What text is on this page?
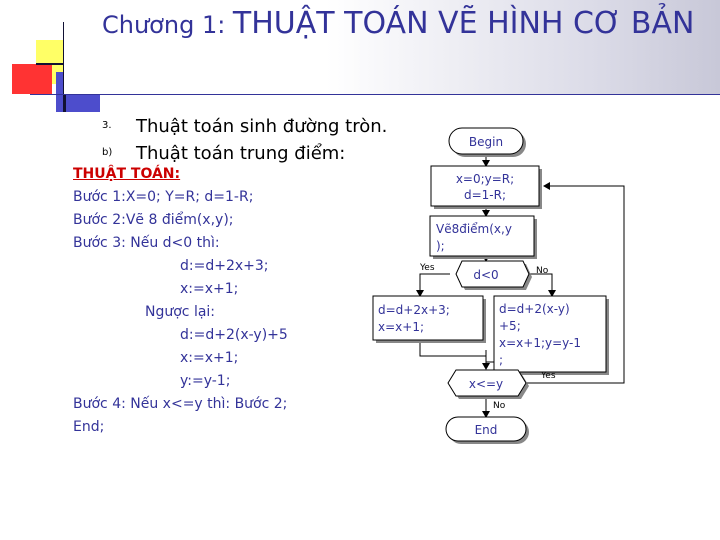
Chương 1: THUẬT TOÁN VẼ HÌNH CƠ BẢN
3. Thuật toán sinh đường tròn.
b) Thuật toán trung điểm:
THUẬT TOÁN:
Bước 1:X=0; Y=R; d=1-R;
Bước 2:Vẽ 8 điểm(x,y);
Bước 3: Nếu d<0 thì:
d:=d+2x+3;
x:=x+1;
Ngược lại:
d:=d+2(x-y)+5
x:=x+1;
y:=y-1;
Bước 4: Nếu x<=y thì: Bước 2;
End;
Begin
x=0;y=R;
d=1-R;
Vẽ8điểm(x,y
);
d<0
Yes	No
d=d+2x+3;
x=x+1;
d=d+2(x-y)
+5;
x=x+1;y=y-1
;
x<=y
Yes
No
End
